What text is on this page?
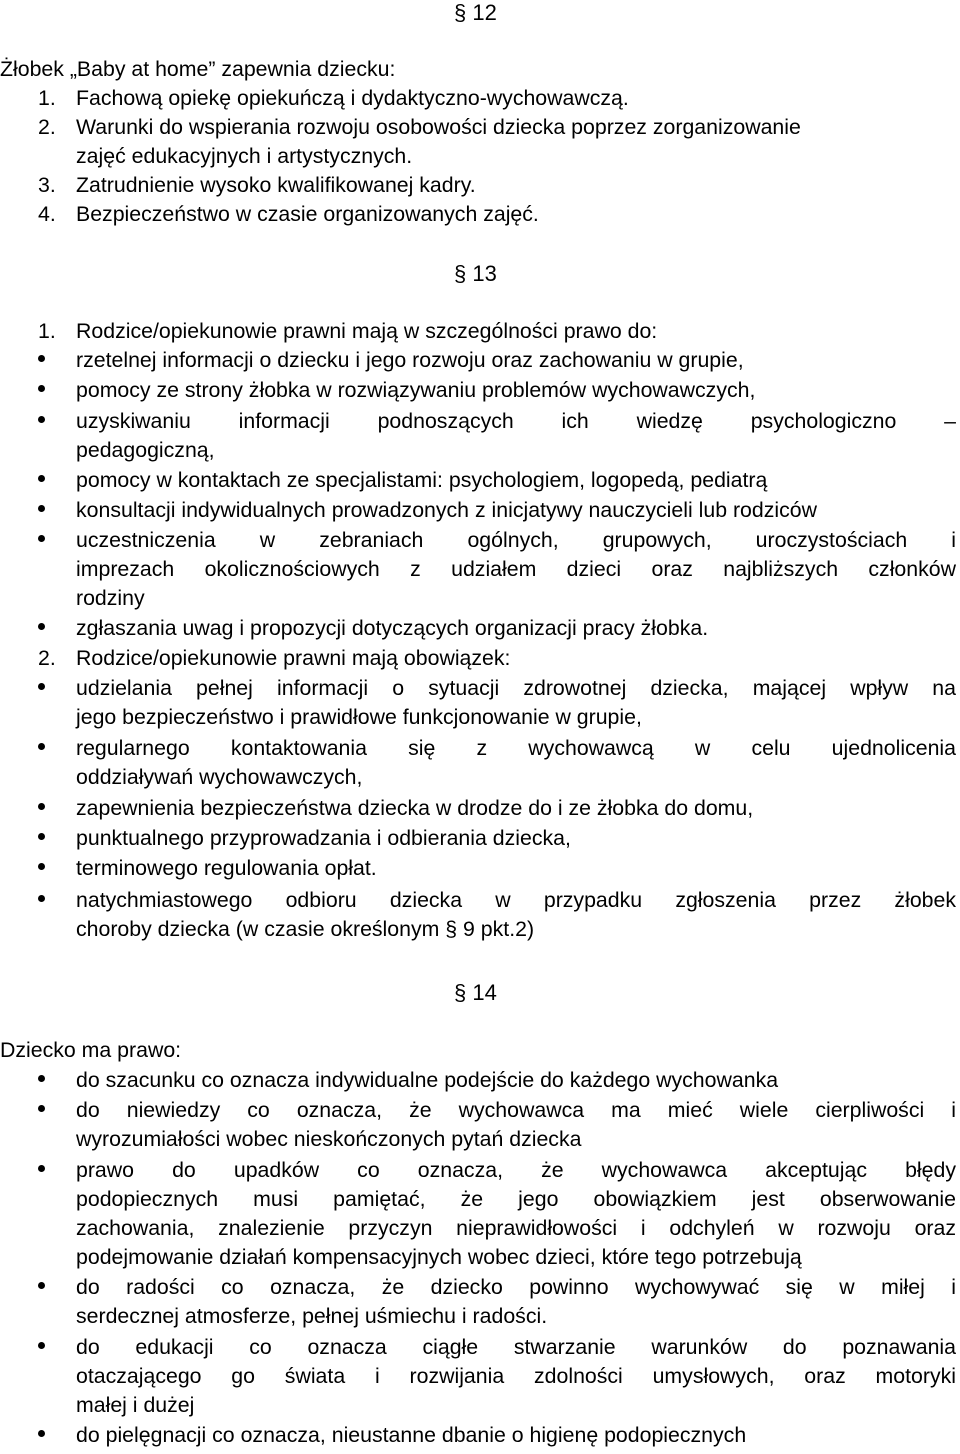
§ 12
Żłobek „Baby at home” zapewnia dziecku:
1. Fachową opiekę opiekuńczą i dydaktyczno-wychowawczą.
2. Warunki do wspierania rozwoju osobowości dziecka poprzez zorganizowanie
zajęć edukacyjnych i artystycznych.
3. Zatrudnienie wysoko kwalifikowanej kadry.
4. Bezpieczeństwo w czasie organizowanych zajęć.
§ 13
1. Rodzice/opiekunowie prawni mają w szczególności prawo do:
rzetelnej informacji o dziecku i jego rozwoju oraz zachowaniu w grupie,
pomocy ze strony żłobka w rozwiązywaniu problemów wychowawczych,
uzyskiwaniu informacji podnoszących ich wiedzę psychologiczno –
pedagogiczną,
pomocy w kontaktach ze specjalistami: psychologiem, logopedą, pediatrą
konsultacji indywidualnych prowadzonych z inicjatywy nauczycieli lub rodziców
uczestniczenia w zebraniach ogólnych, grupowych, uroczystościach i
imprezach okolicznościowych z udziałem dzieci oraz najbliższych członków
rodziny
zgłaszania uwag i propozycji dotyczących organizacji pracy żłobka.
2. Rodzice/opiekunowie prawni mają obowiązek:
udzielania pełnej informacji o sytuacji zdrowotnej dziecka, mającej wpływ na
jego bezpieczeństwo i prawidłowe funkcjonowanie w grupie,
regularnego kontaktowania się z wychowawcą w celu ujednolicenia
oddziaływań wychowawczych,
zapewnienia bezpieczeństwa dziecka w drodze do i ze żłobka do domu,
punktualnego przyprowadzania i odbierania dziecka,
terminowego regulowania opłat.
natychmiastowego odbioru dziecka w przypadku zgłoszenia przez żłobek
choroby dziecka (w czasie określonym § 9 pkt.2)
§ 14
Dziecko ma prawo:
do szacunku co oznacza indywidualne podejście do każdego wychowanka
do niewiedzy co oznacza, że wychowawca ma mieć wiele cierpliwości i
wyrozumiałości wobec nieskończonych pytań dziecka
prawo do upadków co oznacza, że wychowawca akceptując błędy
podopiecznych musi pamiętać, że jego obowiązkiem jest obserwowanie
zachowania, znalezienie przyczyn nieprawidłowości i odchyleń w rozwoju oraz
podejmowanie działań kompensacyjnych wobec dzieci, które tego potrzebują
do radości co oznacza, że dziecko powinno wychowywać się w miłej i
serdecznej atmosferze, pełnej uśmiechu i radości.
do edukacji co oznacza ciągłe stwarzanie warunków do poznawania
otaczającego go świata i rozwijania zdolności umysłowych, oraz motoryki
małej i dużej
do pielęgnacji co oznacza, nieustanne dbanie o higienę podopiecznych
